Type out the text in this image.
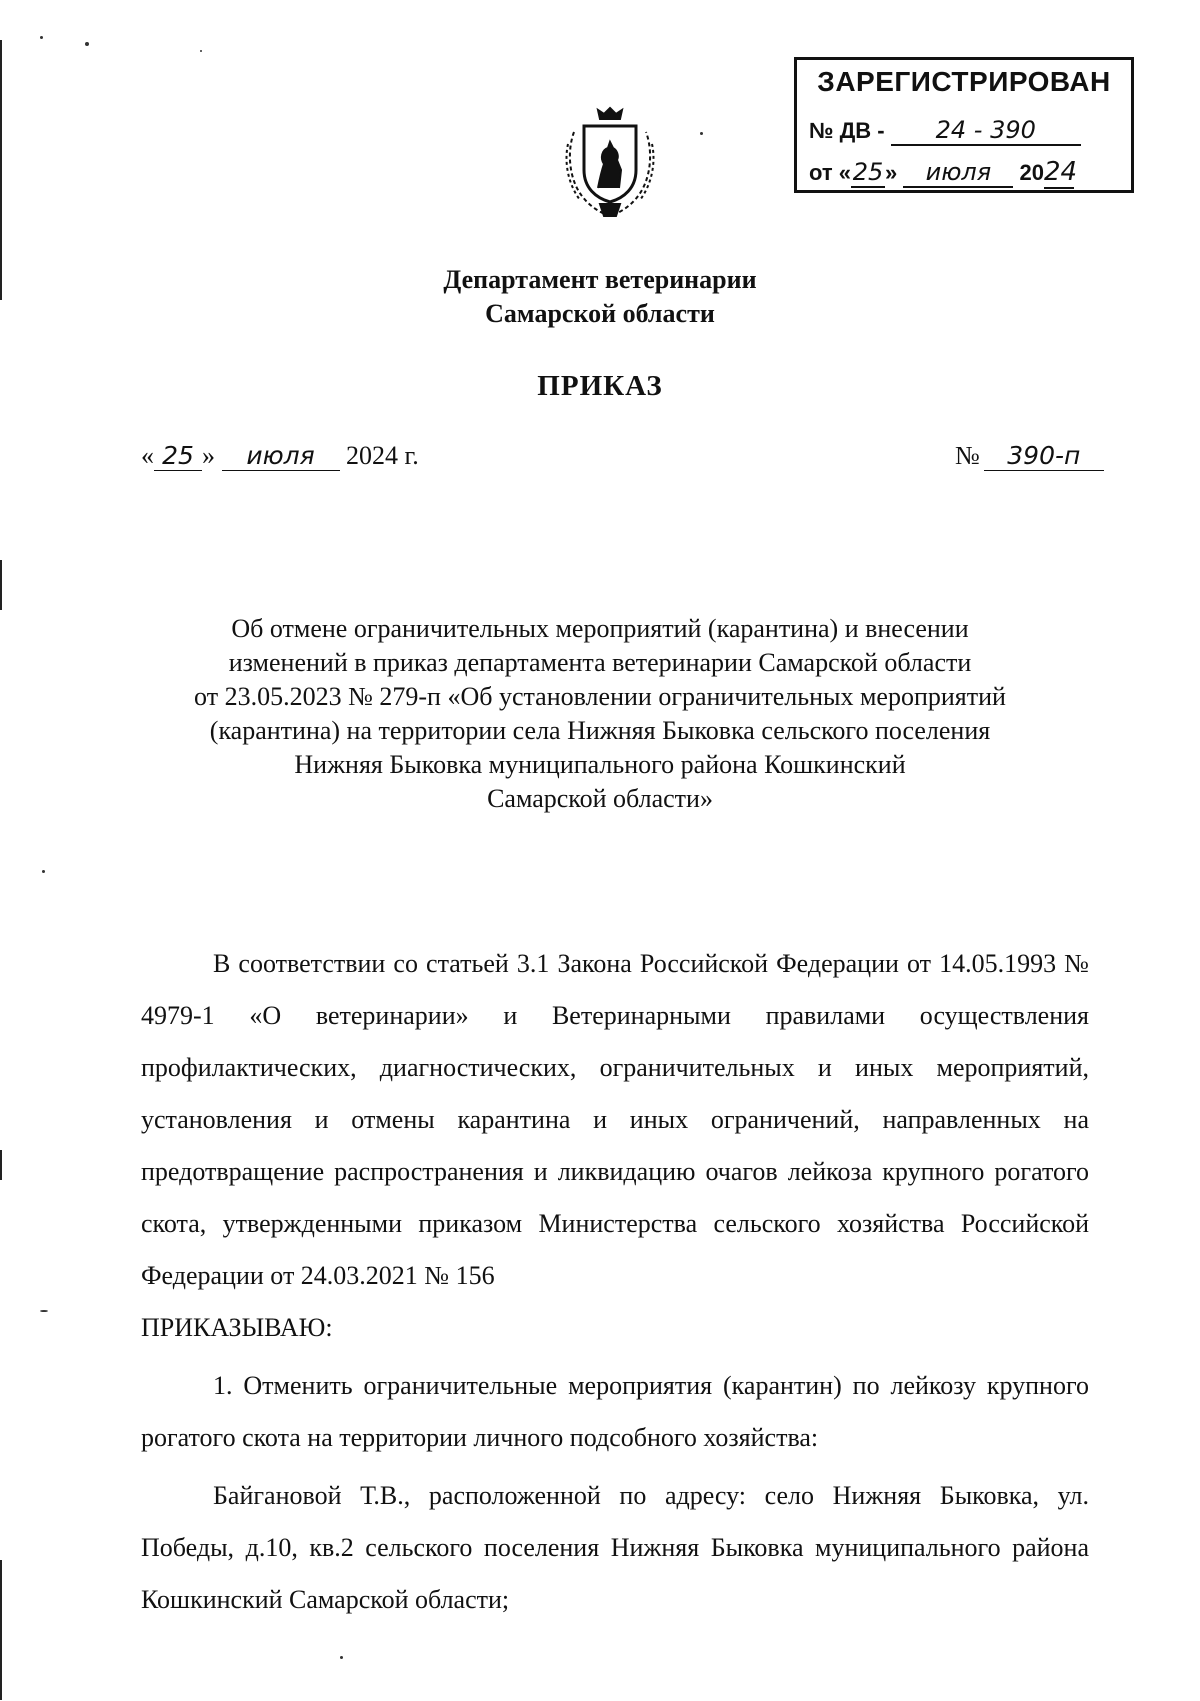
ЗАРЕГИСТРИРОВАН
№ ДВ - 24 - 390
от «25» июля 2024
Департамент ветеринарии
Самарской области
ПРИКАЗ
« 25 » июля 2024 г.	№ 390-п
Об отмене ограничительных мероприятий (карантина) и внесении
изменений в приказ департамента ветеринарии Самарской области
от 23.05.2023 № 279-п «Об установлении ограничительных мероприятий
(карантина) на территории села Нижняя Быковка сельского поселения
Нижняя Быковка муниципального района Кошкинский
Самарской области»

В соответствии со статьей 3.1 Закона Российской Федерации от 14.05.1993 № 4979-1 «О ветеринарии» и Ветеринарными правилами осуществления профилактических, диагностических, ограничительных и иных мероприятий, установления и отмены карантина и иных ограничений, направленных на предотвращение распространения и ликвидацию очагов лейкоза крупного рогатого скота, утвержденными приказом Министерства сельского хозяйства Российской Федерации от 24.03.2021 № 156

ПРИКАЗЫВАЮ:

1. Отменить ограничительные мероприятия (карантин) по лейкозу крупного рогатого скота на территории личного подсобного хозяйства:

Байгановой Т.В., расположенной по адресу: село Нижняя Быковка, ул. Победы, д.10, кв.2 сельского поселения Нижняя Быковка муниципального района Кошкинский Самарской области;
